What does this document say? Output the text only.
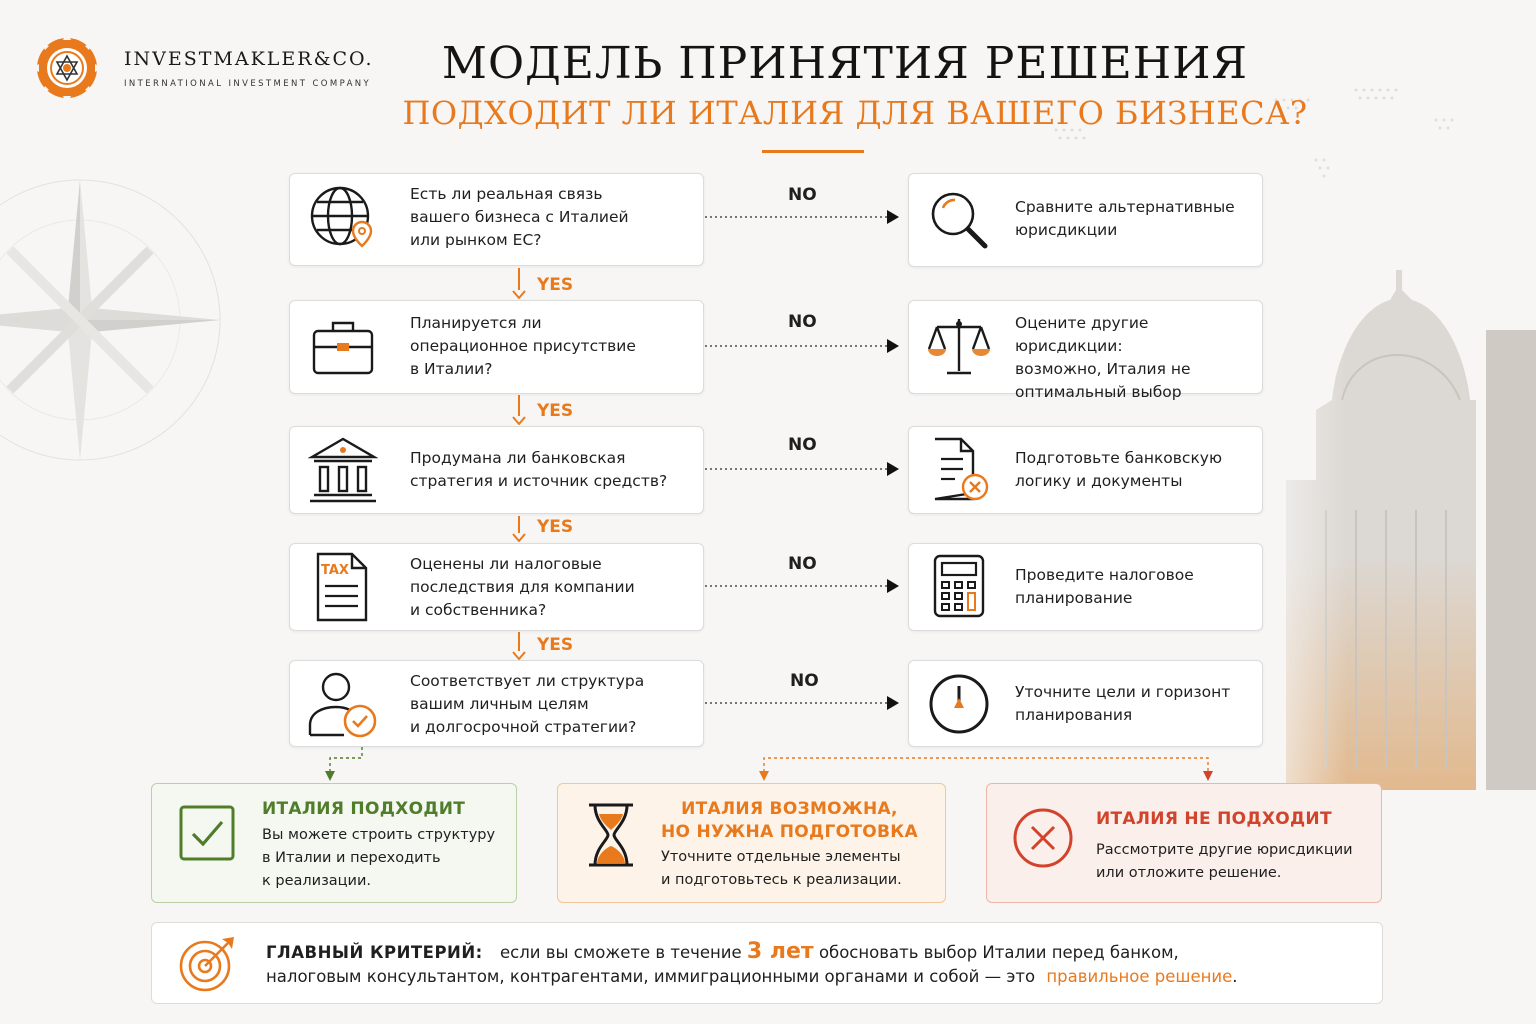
INVESTMAKLER&CO.
INTERNATIONAL INVESTMENT COMPANY	МОДЕЛЬ ПРИНЯТИЯ РЕШЕНИЯ
ПОДХОДИТ ЛИ ИТАЛИЯ ДЛЯ ВАШЕГО БИЗНЕСА?
NO
NO
NO
NO
NO
YES
YES
YES
YES
Есть ли реальная связь
вашего бизнеса с Италией
или рынком ЕС?
Сравните альтернативные
юрисдикции
Планируется ли
операционное присутствие
в Италии?
Оцените другие юрисдикции:
возможно, Италия не
оптимальный выбор
Продумана ли банковская
стратегия и источник средств?
Подготовьте банковскую
логику и документы
TAX	Оценены ли налоговые
последствия для компании
и собственника?
Проведите налоговое
планирование
Соответствует ли структура
вашим личным целям
и долгосрочной стратегии?
Уточните цели и горизонт
планирования
ИТАЛИЯ ПОДХОДИТ
Вы можете строить структуру
в Италии и переходить
к реализации.
ИТАЛИЯ ВОЗМОЖНА,
НО НУЖНА ПОДГОТОВКА
Уточните отдельные элементы
и подготовьтесь к реализации.
ИТАЛИЯ НЕ ПОДХОДИТ
Рассмотрите другие юрисдикции
или отложите решение.
ГЛАВНЫЙ КРИТЕРИЙ: если вы сможете в течение 3 лет обосновать выбор Италии перед банком,
налоговым консультантом, контрагентами, иммиграционными органами и собой — это правильное решение.
